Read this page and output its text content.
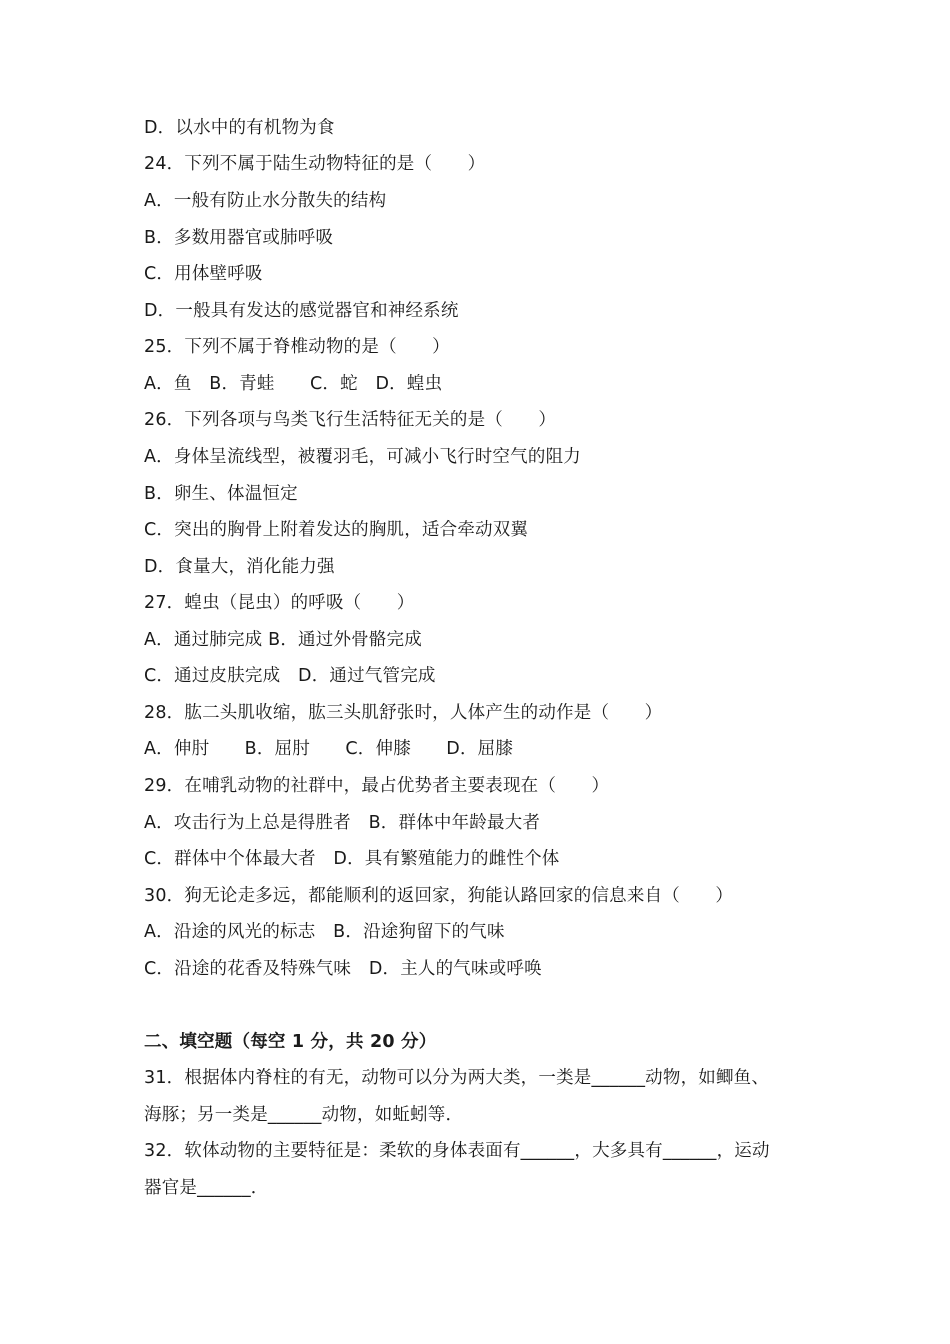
D．以水中的有机物为食
24．下列不属于陆生动物特征的是（　　）
A．一般有防止水分散失的结构
B．多数用器官或肺呼吸
C．用体壁呼吸
D．一般具有发达的感觉器官和神经系统
25．下列不属于脊椎动物的是（　　）
A．鱼　B．青蛙　　C．蛇　D．蝗虫
26．下列各项与鸟类飞行生活特征无关的是（　　）
A．身体呈流线型，被覆羽毛，可减小飞行时空气的阻力
B．卵生、体温恒定
C．突出的胸骨上附着发达的胸肌，适合牵动双翼
D．食量大，消化能力强
27．蝗虫（昆虫）的呼吸（　　）
A．通过肺完成 B．通过外骨骼完成
C．通过皮肤完成　D．通过气管完成
28．肱二头肌收缩，肱三头肌舒张时，人体产生的动作是（　　）
A．伸肘　　B．屈肘　　C．伸膝　　D．屈膝
29．在哺乳动物的社群中，最占优势者主要表现在（　　）
A．攻击行为上总是得胜者　B．群体中年龄最大者
C．群体中个体最大者　D．具有繁殖能力的雌性个体
30．狗无论走多远，都能顺利的返回家，狗能认路回家的信息来自（　　）
A．沿途的风光的标志　B．沿途狗留下的气味
C．沿途的花香及特殊气味　D．主人的气味或呼唤
二、填空题（每空 1 分，共 20 分）
31．根据体内脊柱的有无，动物可以分为两大类，一类是______动物，如鲫鱼、
海豚；另一类是______动物，如蚯蚓等．
32．软体动物的主要特征是：柔软的身体表面有______，大多具有______，运动
器官是______．
